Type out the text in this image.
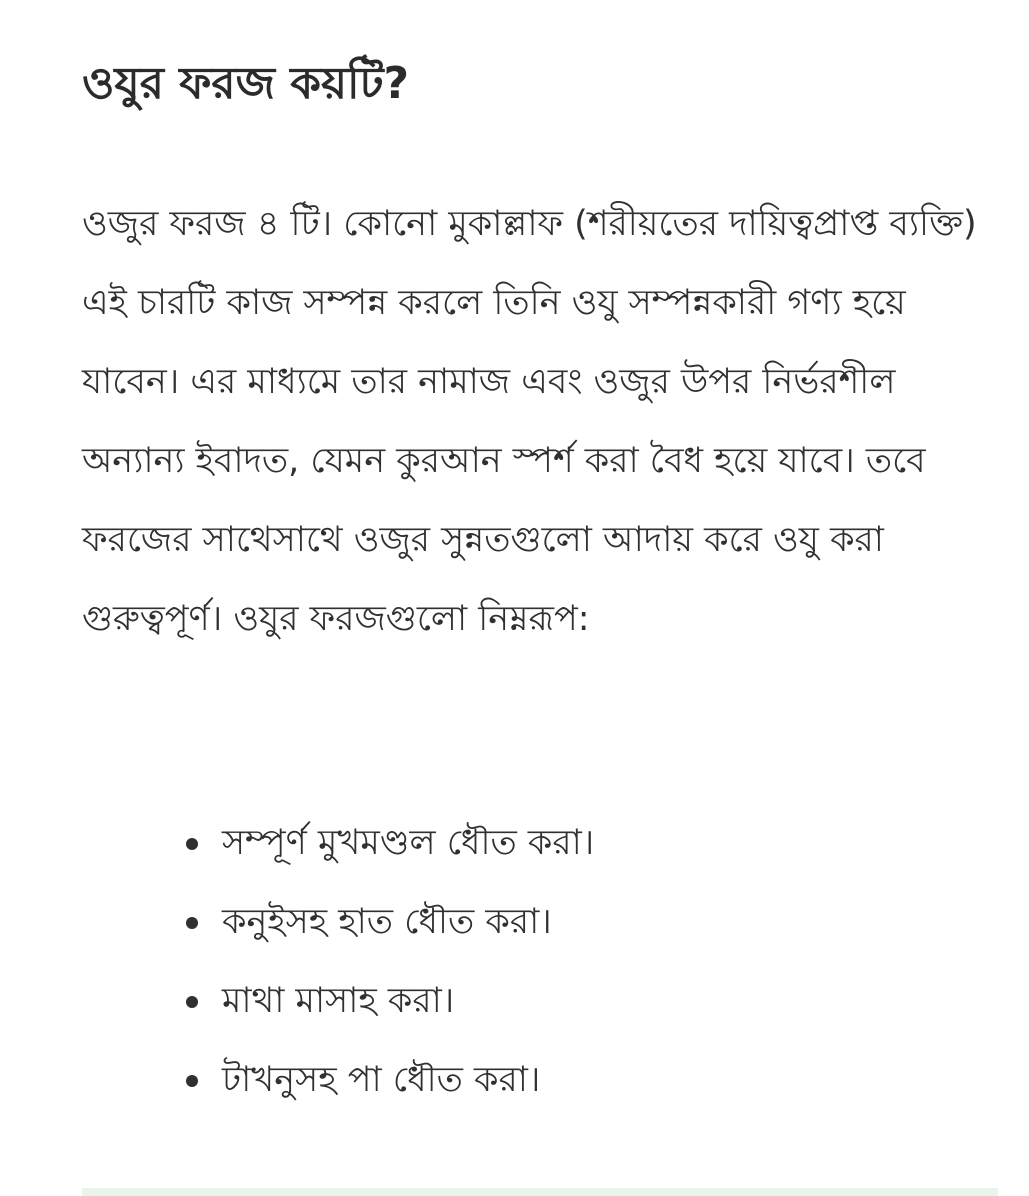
ওযুর ফরজ কয়টি?

ওজুর ফরজ ৪ টি। কোনো মুকাল্লাফ (শরীয়তের দায়িত্বপ্রাপ্ত ব্যক্তি) এই চারটি কাজ সম্পন্ন করলে তিনি ওযু সম্পন্নকারী গণ্য হয়ে যাবেন। এর মাধ্যমে তার নামাজ এবং ওজুর উপর নির্ভরশীল অন্যান্য ইবাদত, যেমন কুরআন স্পর্শ করা বৈধ হয়ে যাবে। তবে ফরজের সাথেসাথে ওজুর সুন্নতগুলো আদায় করে ওযু করা গুরুত্বপূর্ণ। ওযুর ফরজগুলো নিম্নরূপ:

সম্পূর্ণ মুখমণ্ডল ধৌত করা।
কনুইসহ হাত ধৌত করা।
মাথা মাসাহ করা।
টাখনুসহ পা ধৌত করা।
